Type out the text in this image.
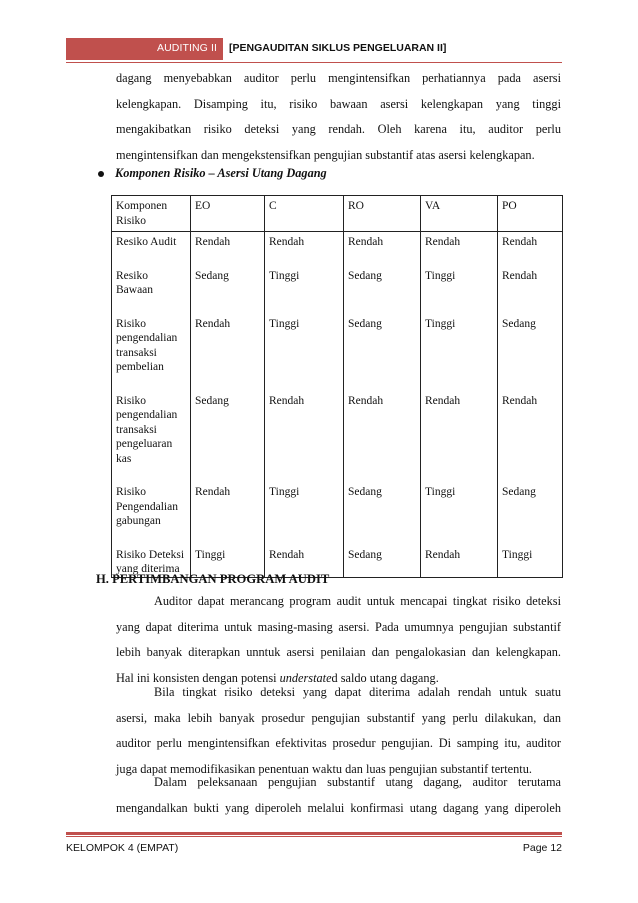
AUDITING II [PENGAUDITAN SIKLUS PENGELUARAN II]
dagang menyebabkan auditor perlu mengintensifkan perhatiannya pada asersi
kelengkapan. Disamping itu, risiko bawaan asersi kelengkapan yang tinggi
mengakibatkan risiko deteksi yang rendah. Oleh karena itu, auditor perlu
mengintensifkan dan mengekstensifkan pengujian substantif atas asersi kelengkapan.
Komponen Risiko – Asersi Utang Dagang
Komponen Risiko	EO	C	RO	VA	PO
Resiko Audit	Rendah	Rendah	Rendah	Rendah	Rendah
Resiko Bawaan	Sedang	Tinggi	Sedang	Tinggi	Rendah
Risiko pengendalian transaksi pembelian	Rendah	Tinggi	Sedang	Tinggi	Sedang
Risiko pengendalian transaksi pengeluaran kas	Sedang	Rendah	Rendah	Rendah	Rendah
Risiko Pengendalian gabungan	Rendah	Tinggi	Sedang	Tinggi	Sedang
Risiko Deteksi yang diterima	Tinggi	Rendah	Sedang	Rendah	Tinggi
H. PERTIMBANGAN PROGRAM AUDIT
Auditor dapat merancang program audit untuk mencapai tingkat risiko deteksi
yang dapat diterima untuk masing-masing asersi. Pada umumnya pengujian substantif
lebih banyak diterapkan unntuk asersi penilaian dan pengalokasian dan kelengkapan.
Hal ini konsisten dengan potensi understated saldo utang dagang.
Bila tingkat risiko deteksi yang dapat diterima adalah rendah untuk suatu
asersi, maka lebih banyak prosedur pengujian substantif yang perlu dilakukan, dan
auditor perlu mengintensifkan efektivitas prosedur pengujian. Di samping itu, auditor
juga dapat memodifikasikan penentuan waktu dan luas pengujian substantif tertentu.
Dalam peleksanaan pengujian substantif utang dagang, auditor terutama
mengandalkan bukti yang diperoleh melalui konfirmasi utang dagang yang diperoleh
KELOMPOK 4 (EMPAT)	Page 12
